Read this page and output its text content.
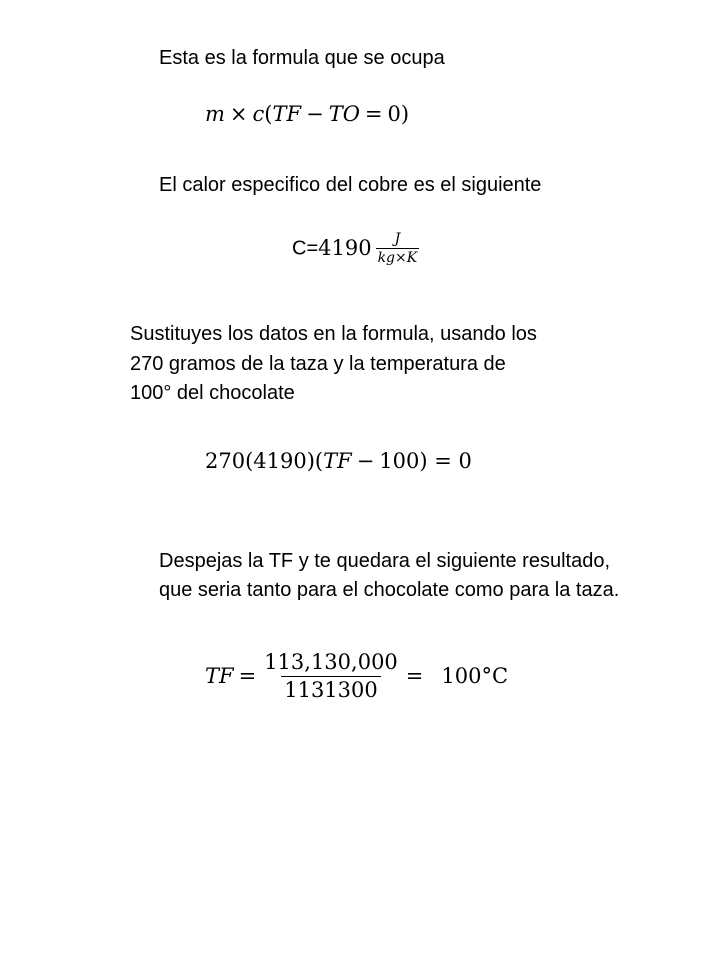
Esta es la formula que se ocupa
m × c(TF − TO = 0)
El calor especifico del cobre es el siguiente
$C=4190 \frac{J}{kg\times K}$
Sustituyes los datos en la formula, usando los
270 gramos de la taza y la temperatura de
100° del chocolate
270(4190)(TF − 100) = 0
Despejas la TF y te quedara el siguiente resultado,
que seria tanto para el chocolate como para la taza.
TF = $\frac{113,130,000}{1131300} = 100^\circ C$
